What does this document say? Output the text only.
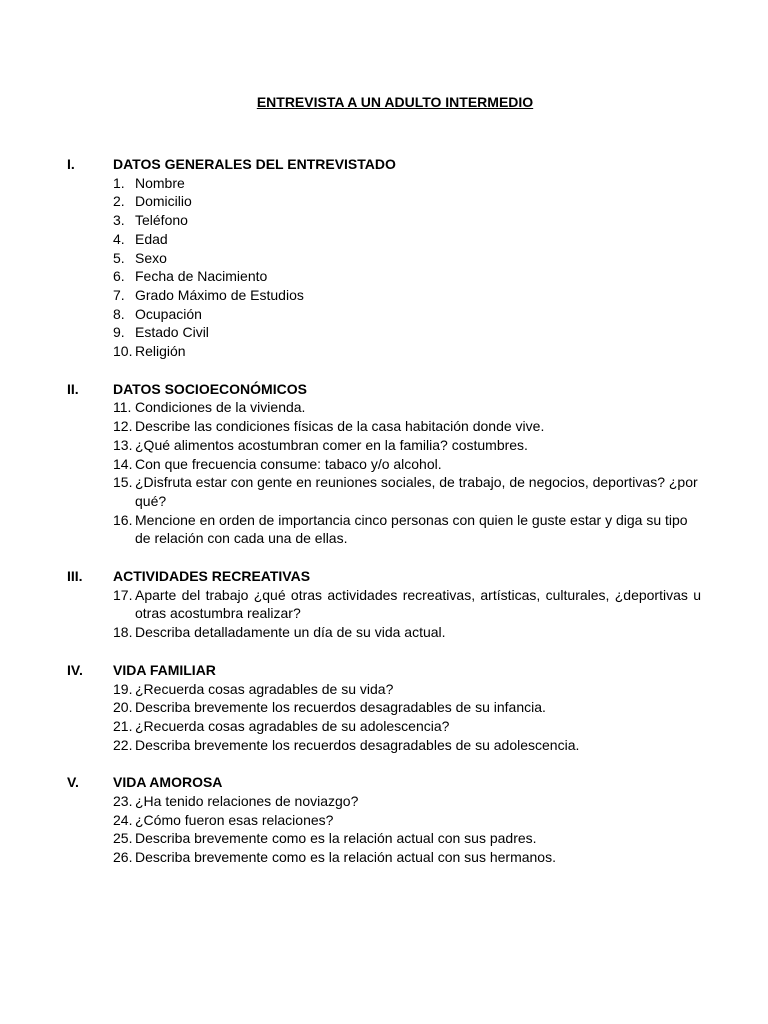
ENTREVISTA A UN ADULTO INTERMEDIO
I.	DATOS GENERALES DEL ENTREVISTADO
1. Nombre
2. Domicilio
3. Teléfono
4. Edad
5. Sexo
6. Fecha de Nacimiento
7. Grado Máximo de Estudios
8. Ocupación
9. Estado Civil
10. Religión
II.	DATOS SOCIOECONÓMICOS
11. Condiciones de la vivienda.
12. Describe las condiciones físicas de la casa habitación donde vive.
13. ¿Qué alimentos acostumbran comer en la familia? costumbres.
14. Con que frecuencia consume: tabaco y/o alcohol.
15. ¿Disfruta estar con gente en reuniones sociales, de trabajo, de negocios, deportivas? ¿por qué?
16. Mencione en orden de importancia cinco personas con quien le guste estar y diga su tipo de relación con cada una de ellas.
III.	ACTIVIDADES RECREATIVAS
17. Aparte del trabajo ¿qué otras actividades recreativas, artísticas, culturales, ¿deportivas u otras acostumbra realizar?
18. Describa detalladamente un día de su vida actual.
IV.	VIDA FAMILIAR
19. ¿Recuerda cosas agradables de su vida?
20. Describa brevemente los recuerdos desagradables de su infancia.
21. ¿Recuerda cosas agradables de su adolescencia?
22. Describa brevemente los recuerdos desagradables de su adolescencia.
V.	VIDA AMOROSA
23. ¿Ha tenido relaciones de noviazgo?
24. ¿Cómo fueron esas relaciones?
25. Describa brevemente como es la relación actual con sus padres.
26. Describa brevemente como es la relación actual con sus hermanos.
